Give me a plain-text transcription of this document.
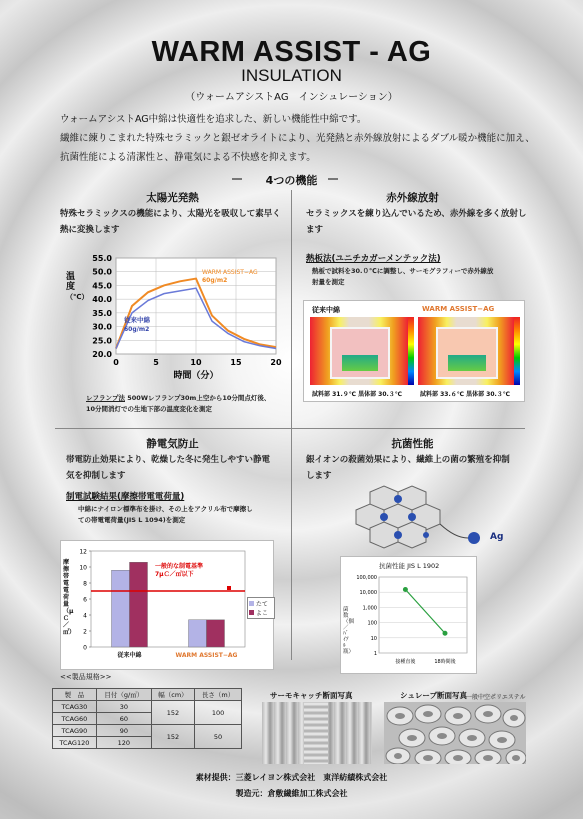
WARM ASSIST - AG
INSULATION
（ウォームアシストAG　インシュレーション）
ウォームアシストAG中綿は快適性を追求した、新しい機能性中綿です。
繊維に練りこまれた特殊セラミックと銀ゼオライトにより、光発熱と赤外線放射によるダブル暖か機能に加え、
抗菌性能による清潔性と、静電気による不快感を抑えます。
4つの機能
太陽光発熱
特殊セラミックスの機能により、太陽光を吸収して素早く
熱に変換します
温
度
（℃）
20.0
25.0
30.0
35.0
40.0
45.0
50.0
55.0
0	5	10	15	20
時間（分）
WARM ASSIST−AG
60g/m2
従来中綿
60g/m2
レフランプ法 500Wレフランプ30m上空から10分間点灯後、
10分間消灯での生地下部の温度変化を測定
赤外線放射
セラミックスを練り込んでいるため、赤外線を多く放射し
ます
熱板法(ユニチカガーメンテック法)
熱板で試料を30.０℃に調整し、サーモグラフィーで赤外線放
射量を測定
従来中綿	WARM ASSIST−AG
試料部 31.９℃ 黒体部 30.３℃	試料部 33.６℃ 黒体部 30.３℃
静電気防止
帯電防止効果により、乾燥した冬に発生しやすい静電
気を抑制します
制電試験結果(摩擦帯電電荷量)
中綿にナイロン標準布を掛け、その上をアクリル布で摩擦し
ての帯電電荷量(JIS L 1094)を測定
摩擦帯電電荷量（μＣ／㎡）
0
2
4
6
8
10
12
従来中綿	WARM ASSIST−AG
一般的な制電基準
7μＣ／㎡以下
たて
よこ
抗菌性能
銀イオンの殺菌効果により、繊維上の菌の繁殖を抑制
します
Ag
抗菌性能 JIS L 1902
菌数（個／ﾊﾞｲｱﾙ瓶）	1
10
100
1,000
10,000
100,000
接種直後	18時間後
<<製品規格>>
製　品	目付（g/㎡）	幅（cm）	長さ（m）
TCAG30	30	152	100
TCAG60	60		
TCAG90	90	152	50
TCAG120	120		
サーモキャッチ断面写真	シュレープ断面写真 一般中空ポリエステル
素材提供：三菱レイヨン株式会社　東洋紡績株式会社
製造元：倉敷繊維加工株式会社
